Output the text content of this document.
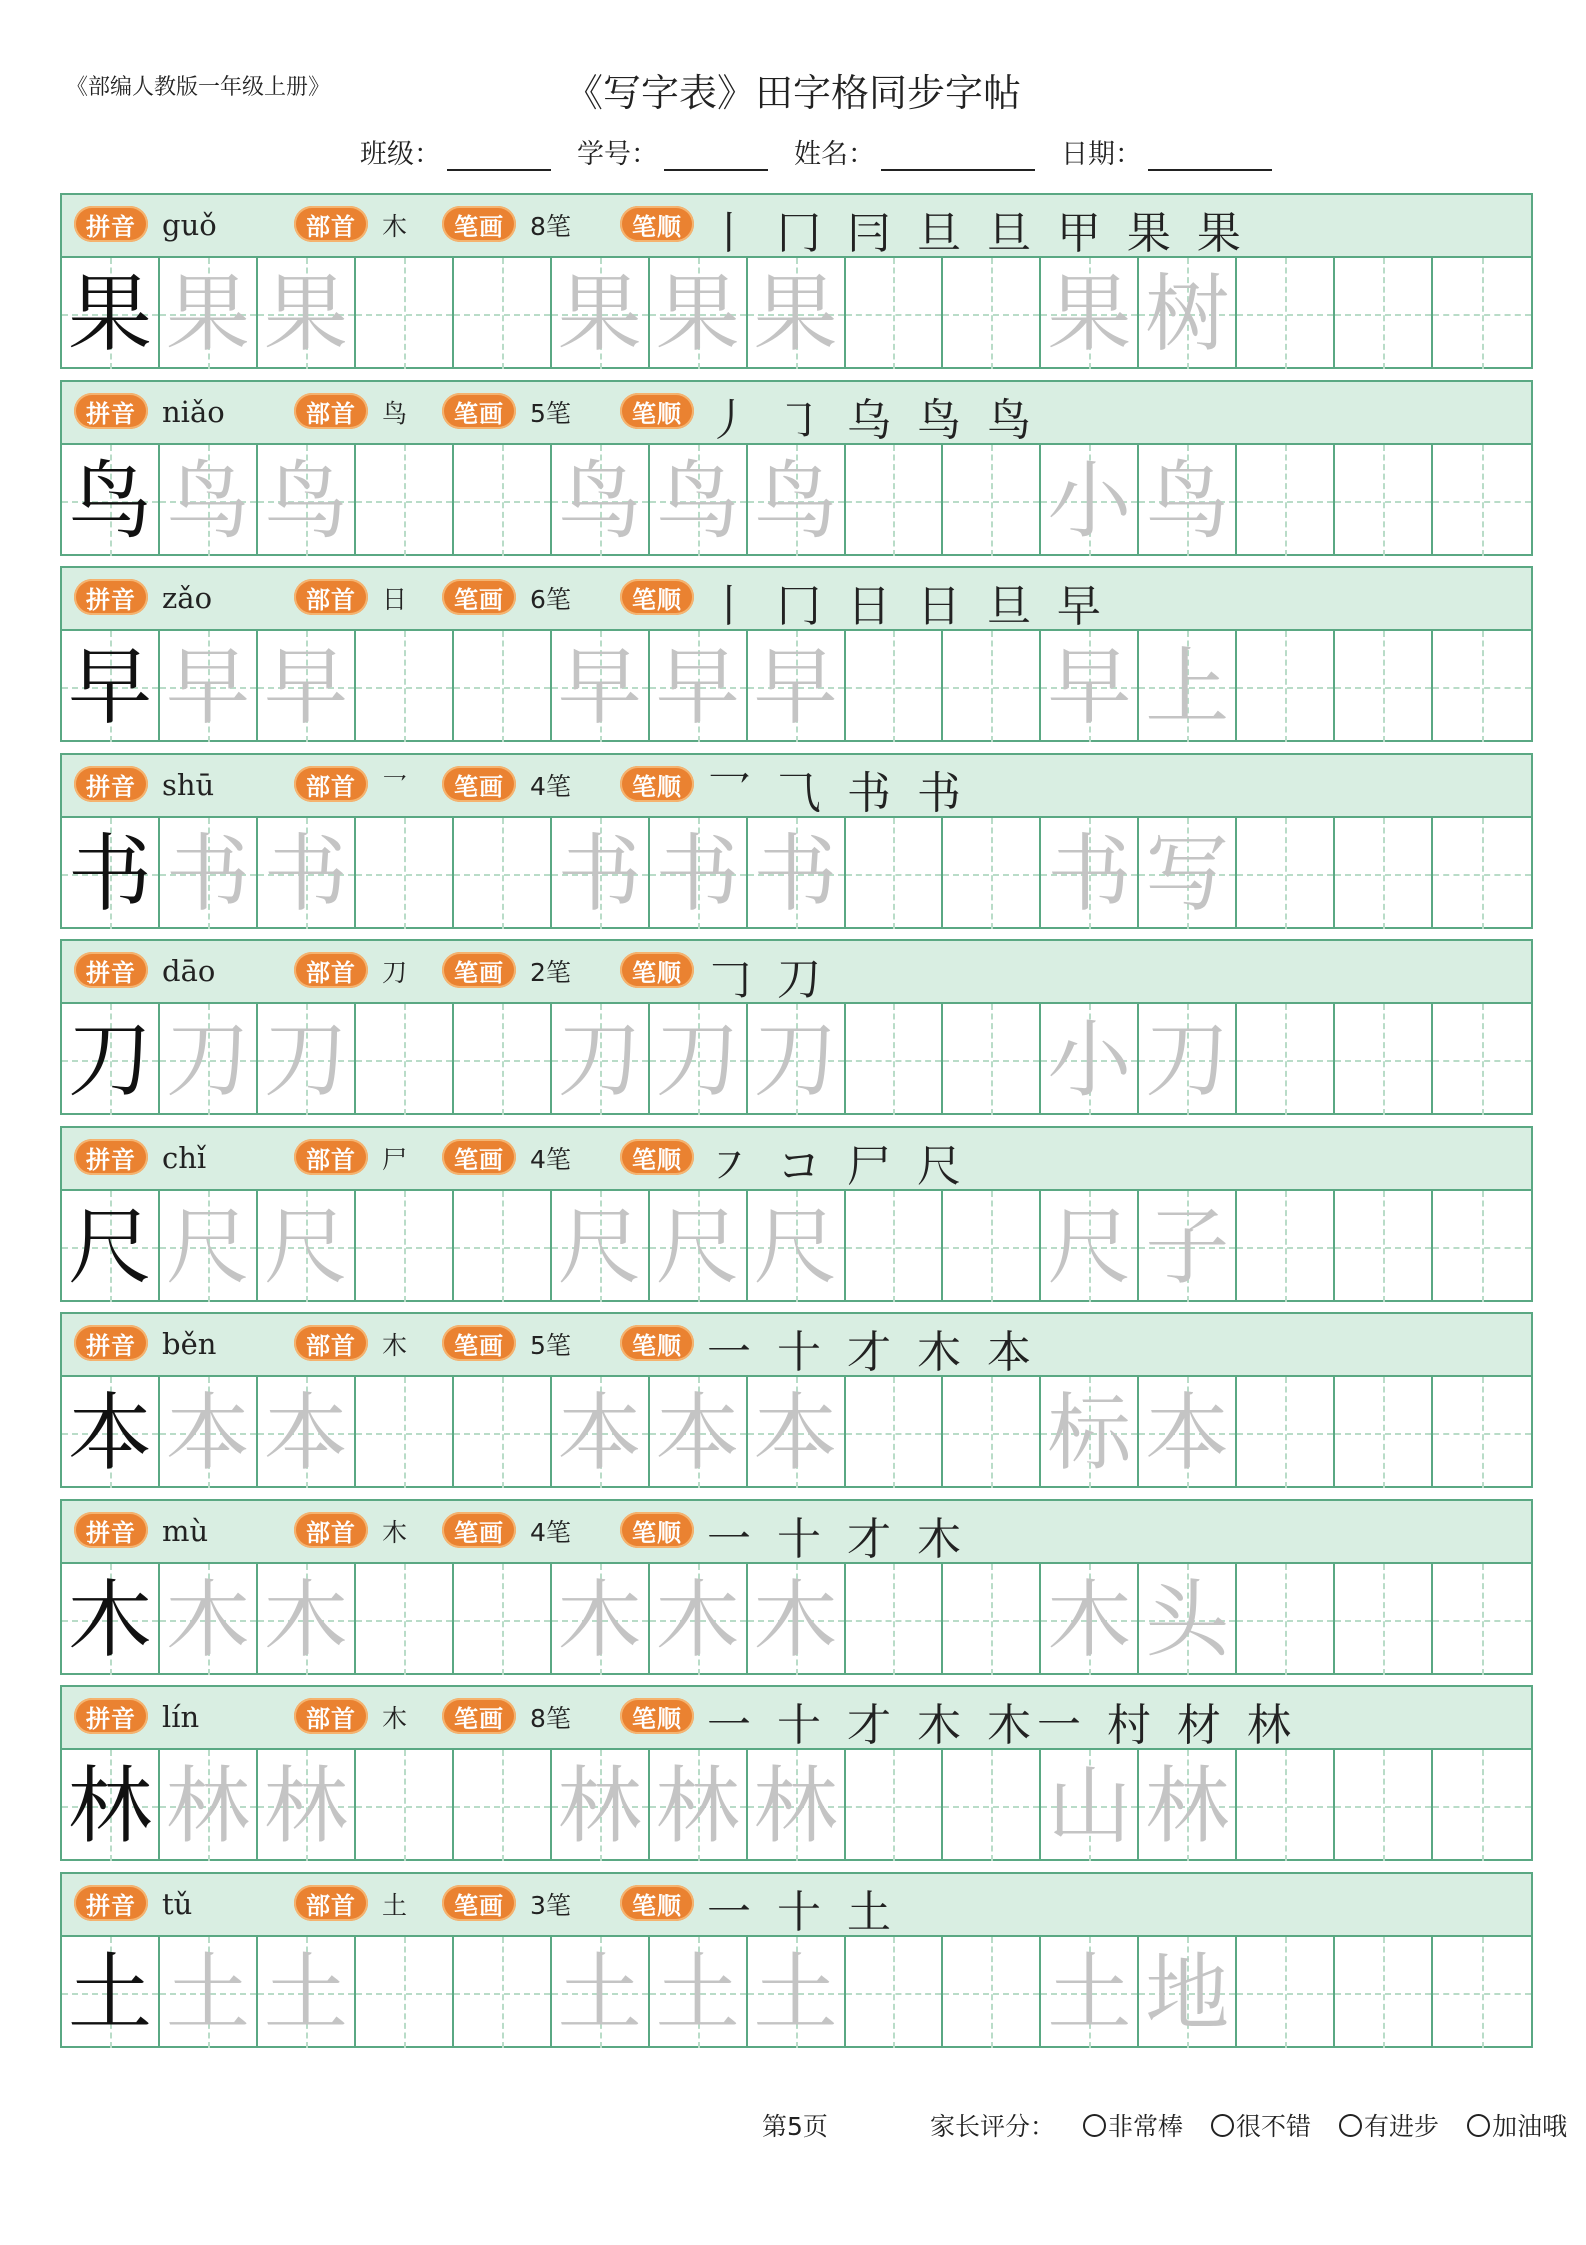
《部编人教版一年级上册》	《写字表》田字格同步字帖
班级：	学号：	姓名：	日期：
拼音 guǒ	部首	木	笔画	8笔	笔顺 丨 冂 冃 旦 旦 甲 果 果
果 果 果 果 果 果 果 树
拼音 niǎo	部首	鸟	笔画	5笔	笔顺 丿 ㇆ 乌 鸟 鸟
鸟 鸟 鸟 鸟 鸟 鸟 小 鸟
拼音 zǎo	部首	日	笔画	6笔	笔顺 丨 冂 日 日 旦 早
早 早 早 早 早 早 早 上
拼音 shū	部首	乛	笔画	4笔	笔顺 乛 ⺄ 书 书
书 书 书 书 书 书 书 写
拼音 dāo	部首	刀	笔画	2笔	笔顺 𠃌 刀
刀 刀 刀 刀 刀 刀 小 刀
拼音 chǐ	部首	尸	笔画	4笔	笔顺 ㇇ コ 尸 尺
尺 尺 尺 尺 尺 尺 尺 子
拼音 běn	部首	木	笔画	5笔	笔顺 一 十 才 木 本
本 本 本 本 本 本 标 本
拼音 mù	部首	木	笔画	4笔	笔顺 一 十 才 木
木 木 木 木 木 木 木 头
拼音 lín	部首	木	笔画	8笔	笔顺 一 十 才 木 木一 村 材 林
林 林 林 林 林 林 山 林
拼音 tǔ	部首	土	笔画	3笔	笔顺 一 十 土
土 土 土 土 土 土 土 地
第5页	家长评分： 非常棒 很不错 有进步 加油哦
